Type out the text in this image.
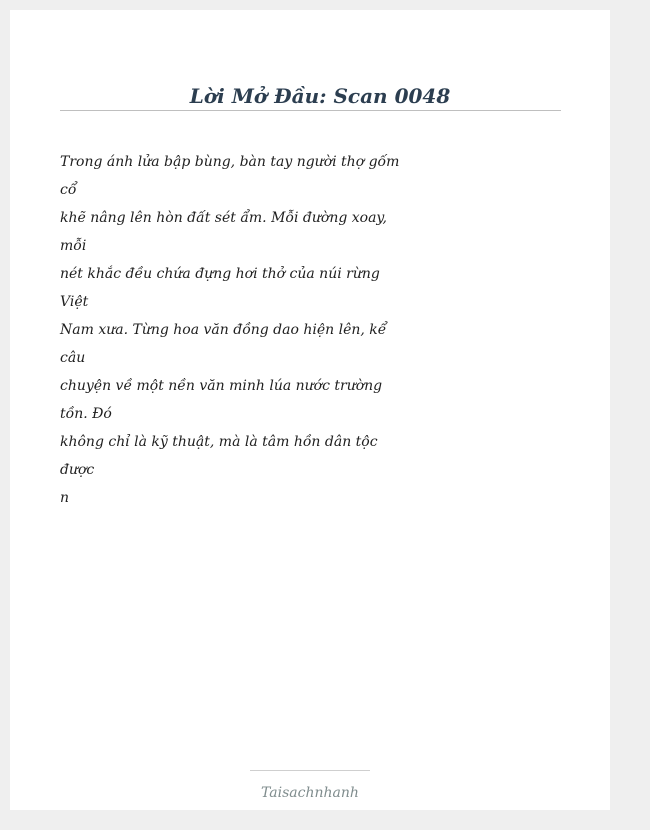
Lời Mở Đầu: Scan 0048
Trong ánh lửa bập bùng, bàn tay người thợ gốm
cổ
khẽ nâng lên hòn đất sét ẩm. Mỗi đường xoay,
mỗi
nét khắc đều chứa đựng hơi thở của núi rừng
Việt
Nam xưa. Từng hoa văn đồng dao hiện lên, kể
câu
chuyện về một nền văn minh lúa nước trường
tồn. Đó
không chỉ là kỹ thuật, mà là tâm hồn dân tộc
được
n

Taisachnhanh
